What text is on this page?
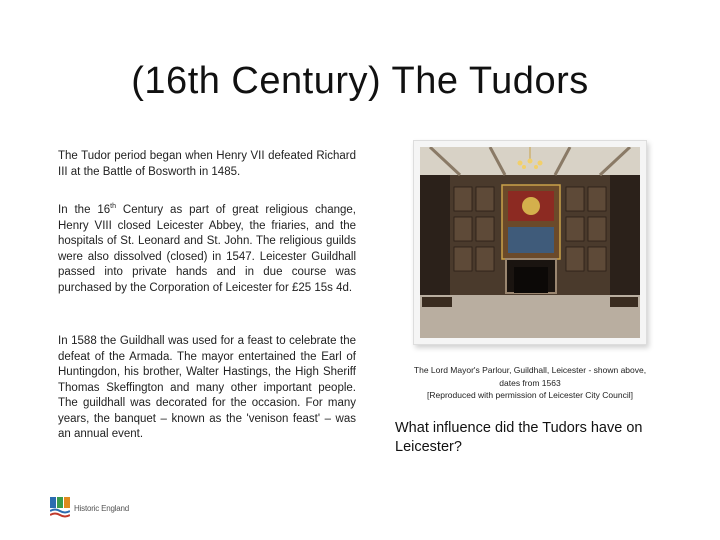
(16th Century) The Tudors

The Tudor period began when Henry VII defeated Richard III at the Battle of Bosworth in 1485.

In the 16th Century as part of great religious change, Henry VIII closed Leicester Abbey, the friaries, and the hospitals of St. Leonard and St. John. The religious guilds were also dissolved (closed) in 1547. Leicester Guildhall passed into private hands and in due course was purchased by the Corporation of Leicester for £25 15s 4d.

In 1588 the Guildhall was used for a feast to celebrate the defeat of the Armada. The mayor entertained the Earl of Huntingdon, his brother, Walter Hastings, the High Sheriff Thomas Skeffington and many other important people. The guildhall was decorated for the occasion. For many years, the banquet – known as the 'venison feast' – was an annual event.

The Lord Mayor's Parlour, Guildhall, Leicester - shown above,
dates from 1563
[Reproduced with permission of Leicester City Council]

What influence did the Tudors have on Leicester?

Historic England
